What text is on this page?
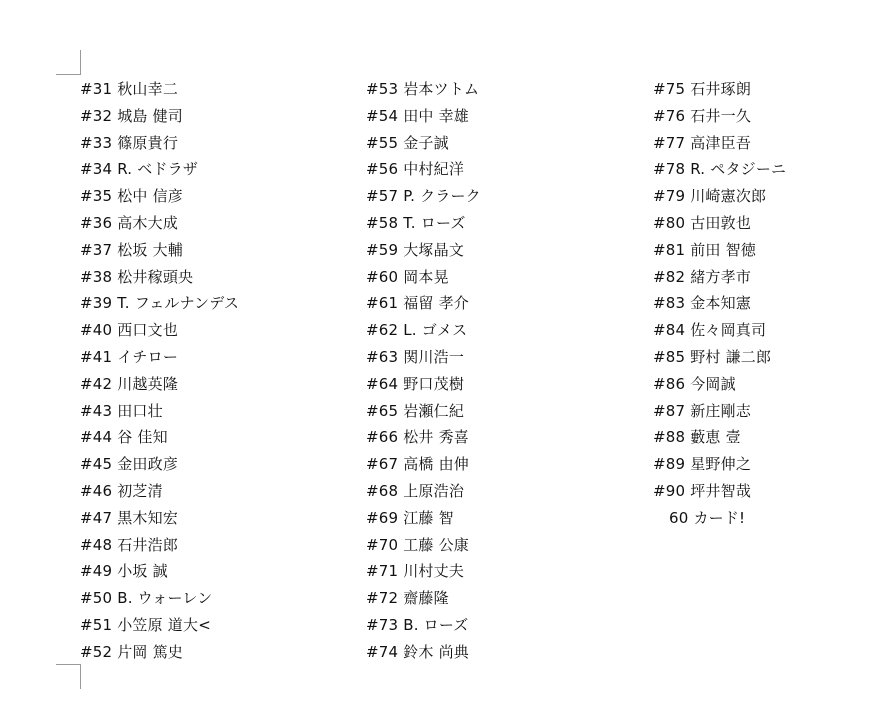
#31 秋山幸二
#32 城島 健司
#33 篠原貴行
#34 R. ベドラザ
#35 松中 信彦
#36 高木大成
#37 松坂 大輔
#38 松井稼頭央
#39 T. フェルナンデス
#40 西口文也
#41 イチロー
#42 川越英隆
#43 田口壮
#44 谷 佳知
#45 金田政彦
#46 初芝清
#47 黒木知宏
#48 石井浩郎
#49 小坂 誠
#50 B. ウォーレン
#51 小笠原 道大<
#52 片岡 篤史
#53 岩本ツトム
#54 田中 幸雄
#55 金子誠
#56 中村紀洋
#57 P. クラーク
#58 T. ローズ
#59 大塚晶文
#60 岡本晃
#61 福留 孝介
#62 L. ゴメス
#63 関川浩一
#64 野口茂樹
#65 岩瀬仁紀
#66 松井 秀喜
#67 高橋 由伸
#68 上原浩治
#69 江藤 智
#70 工藤 公康
#71 川村丈夫
#72 齋藤隆
#73 B. ローズ
#74 鈴木 尚典
#75 石井琢朗
#76 石井一久
#77 高津臣吾
#78 R. ペタジーニ
#79 川崎憲次郎
#80 古田敦也
#81 前田 智徳
#82 緒方孝市
#83 金本知憲
#84 佐々岡真司
#85 野村 謙二郎
#86 今岡誠
#87 新庄剛志
#88 藪恵 壹
#89 星野伸之
#90 坪井智哉
60 カード!
